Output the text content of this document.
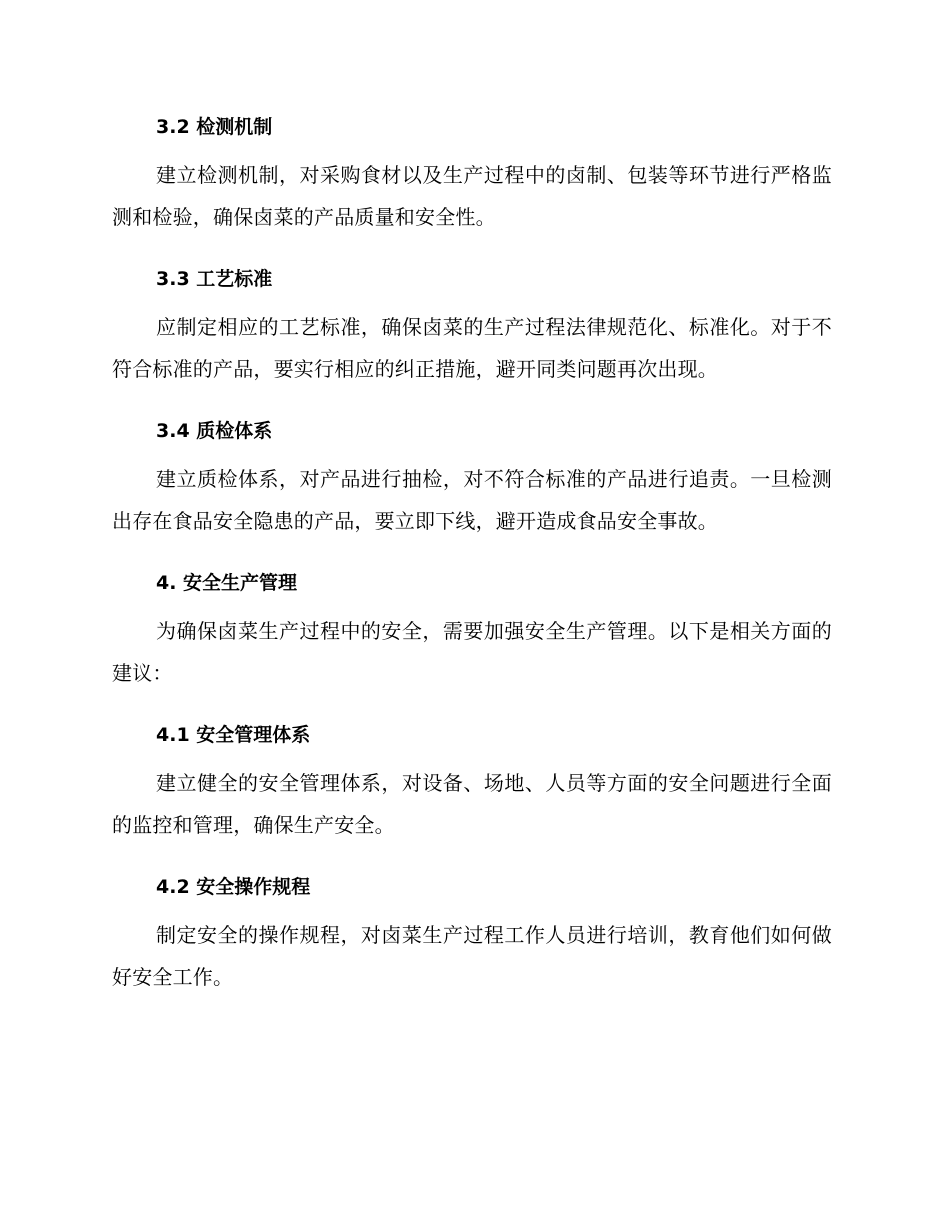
3.2 检测机制

建立检测机制，对采购食材以及生产过程中的卤制、包装等环节进行严格监测和检验，确保卤菜的产品质量和安全性。

3.3 工艺标准

应制定相应的工艺标准，确保卤菜的生产过程法律规范化、标准化。对于不符合标准的产品，要实行相应的纠正措施，避开同类问题再次出现。

3.4 质检体系

建立质检体系，对产品进行抽检，对不符合标准的产品进行追责。一旦检测出存在食品安全隐患的产品，要立即下线，避开造成食品安全事故。

4. 安全生产管理

为确保卤菜生产过程中的安全，需要加强安全生产管理。以下是相关方面的建议：

4.1 安全管理体系

建立健全的安全管理体系，对设备、场地、人员等方面的安全问题进行全面的监控和管理，确保生产安全。

4.2 安全操作规程

制定安全的操作规程，对卤菜生产过程工作人员进行培训，教育他们如何做好安全工作。
